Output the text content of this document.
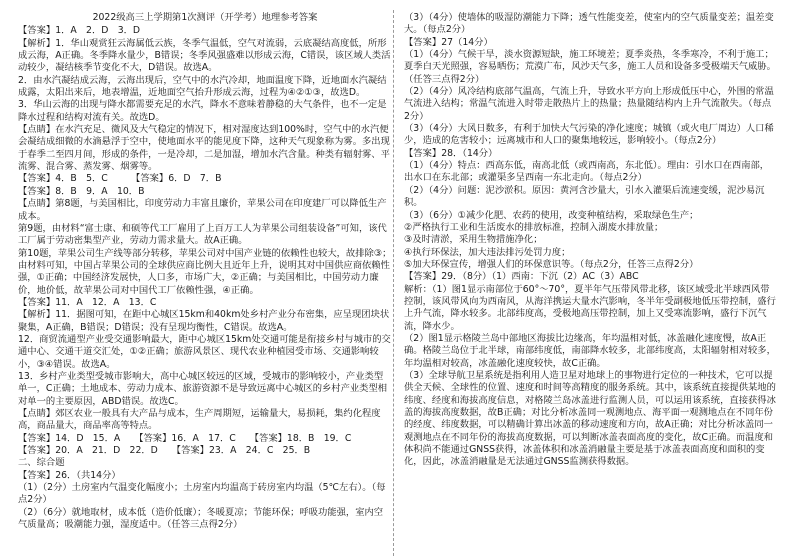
2022级高三上学期第1次测评（开学考）地理参考答案

【答案】1．A　2．D　3．D

【解析】1．华山观赏狂云海属低云族，冬季气温低，空气对流弱，云底凝结高度低，所形成云海，A正确。冬季降水量少，B错误；冬季风强盛难以形成云海，C错误，该区域人类活动较少，凝结核季节变化不大，D错误。故选A。

2．由水汽凝结成云海，云海出现后，空气中的水汽冷却，地面温度下降，近地面水汽凝结成露，太阳出来后，地表增温，近地面空气抬升形成云海，过程为④②①③，故选D。

3．华山云海的出现与降水都需要充足的水汽，降水不意味着静稳的大气条件，也不一定是降水过程和结构对流有关。故选D。

【点睛】在水汽充足、微风及大气稳定的情况下，相对湿度达到100%时，空气中的水汽便会凝结成细微的水滴悬浮于空中，使地面水平的能见度下降，这种天气现象称为雾。多出现于春季二至四月间，形成的条件，一是冷却，二是加湿，增加水汽含量。种类有辐射雾、平流雾、混合雾、蒸发雾、烟雾等。

【答案】4．B　5．C　　　【答案】6．D　7．B

【答案】8．B　9．A　10．B

【点睛】第8题，与美国相比，印度劳动力丰富且廉价，苹果公司在印度建厂可以降低生产成本。

第9题，由材料“富士康、和硕等代工厂雇用了上百万工人为苹果公司组装设备”可知，该代工厂属于劳动密集型产业，劳动力需求量大。故A正确。

第10题，苹果公司生产线等部分转移，苹果公司对中国产业链的依赖性也较大，故排除③；由材料可知，中国占苹果公司的全球供应商比例大且近年上升，说明其对中国供应商依赖性强，①正确；中国经济发展快，人口多，市场广大，②正确；与美国相比，中国劳动力廉价，地价低，故苹果公司对中国代工厂依赖性强，④正确。

【答案】11．A　12．A　13．C

【解析】11．据图可知，在距中心城区15km和40km处乡村产业分布密集，应呈现团块状聚集，A正确，B错误；D错误；没有呈现均衡性，C错误。故选A。

12．商贸流通型产业受交通影响最大，距中心城区15km处交通可能是衔接乡村与城市的交通中心、交通干道交汇处，①②正确；旅游风景区、现代农业种植园受市场、交通影响较小，③④错误。故选A。

13．乡村产业类型受城市影响大，高中心城区较远的区域，受城市的影响较小，产业类型单一，C正确；土地成本、劳动力成本、旅游资源不是导致远离中心城区的乡村产业类型相对单一的主要原因，ABD错误。故选C。

【点睛】郊区农业一般具有大产品与成本，生产周期短，运输量大，易损耗，集约化程度高，商品量大，商品率高等特点。

【答案】14．D　15．A　　【答案】16．A　17．C　　【答案】18．B　19．C

【答案】20．A　21．D　22．D　　【答案】23．A　24．C　25．B

二、综合题

【答案】26．（共14分）

（1）（2分）土房室内气温变化幅度小；土房室内均温高于砖房室内均温（5℃左右）。（每点2分）

（2）（6分）就地取材，成本低（造价低廉）；冬暖夏凉；节能环保；呼吸功能强，室内空气质量高；吸潮能力强，湿度适中。（任答三点得2分）

（3）（4分）使墙体的吸湿防潮能力下降；透气性能变差，使室内的空气质量变差；温差变大。（每点2分）

【答案】27（14分）

（1）（4分）气候干旱，淡水资源短缺，施工环境差；夏季炎热，冬季寒冷，不利于施工；夏季白天光照强，容易晒伤；荒漠广布，风沙天气多，施工人员和设备多受极端天气威胁。（任答三点得2分）

（2）（4分）风冷结构底部气温高，气流上升，导致水平方向上形成低压中心，外围的常温气流进入结构；常温气流进入时带走散热片上的热量；热量随结构内上升气流散失。（每点2分）

（3）（4分）大风日数多，有利于加快大气污染的净化速度；城镇（或火电厂周边）人口稀少，造成的危害较小；远离城市和人口的聚集地较远，影响较小。（每点2分）

【答案】28．（14分）

（1）（4分）特点：西高东低，南高北低（或西南高，东北低）。理由：引水口在西南部，出水口在东北部；或灌渠多呈西南一东北走向。（每点2分）

（2）（4分）问题：泥沙淤积。原因：黄河含沙量大，引水入灌渠后流速变缓，泥沙易沉积。

（3）（6分）①减少化肥、农药的使用，改变种植结构，采取绿色生产；

②严格执行工业和生活废水的排放标准，控制入湖废水排放量；

③及时清淤，采用生物措施净化；

④执行环保法，加大违法排污处罚力度；

⑤加大环保宣传，增强人们的环保意识等。（每点2分，任答三点得2分）

【答案】29．（8分）（1）西南：下沉（2）AC（3）ABC

解析：（1）图1显示南部位于60°～70°，夏半年气压带风带北移，该区域受北半球西风带控制，该风带风向为西南风，从海洋携运大量水汽影响，冬半年受副极地低压带控制，盛行上升气流，降水较多。北部纬度高，受极地高压带控制，加上又受寒流影响，盛行下沉气流，降水少。

（2）图1显示格陵兰岛中部地区海拔比边缘高，年均温相对低，冰盖融化速度慢，故A正确。格陵兰岛位于北半球，南部纬度低，南部降水较多，北部纬度高，太阳辐射相对较多，年均温相对较高，冰盖融化速度较快，故C正确。

（3）全球导航卫星系统是指利用人造卫星对地球上的事物进行定位的一种技术，它可以提供全天候、全球性的位置、速度和时间等高精度的服务系统。其中，该系统直接提供某地的纬度、经度和海拔高度信息，对格陵兰岛冰盖进行监测人员，可以运用该系统，直接获得冰盖的海拔高度数据，故B正确；对比分析冰盖同一观测地点、海平面一观测地点在不同年份的经度、纬度数据，可以精确计算出冰盖的移动速度和方向，故A正确；对比分析冰盖同一观测地点在不同年份的海拔高度数据，可以判断冰盖表面高度的变化，故C正确。而温度和体积尚不能通过GNSS获得，冰盖体积和冰盖消融量主要是基于冰盖表面高度和面积的变化，因此，冰盖消融量是无法通过GNSS监测获得数据。
